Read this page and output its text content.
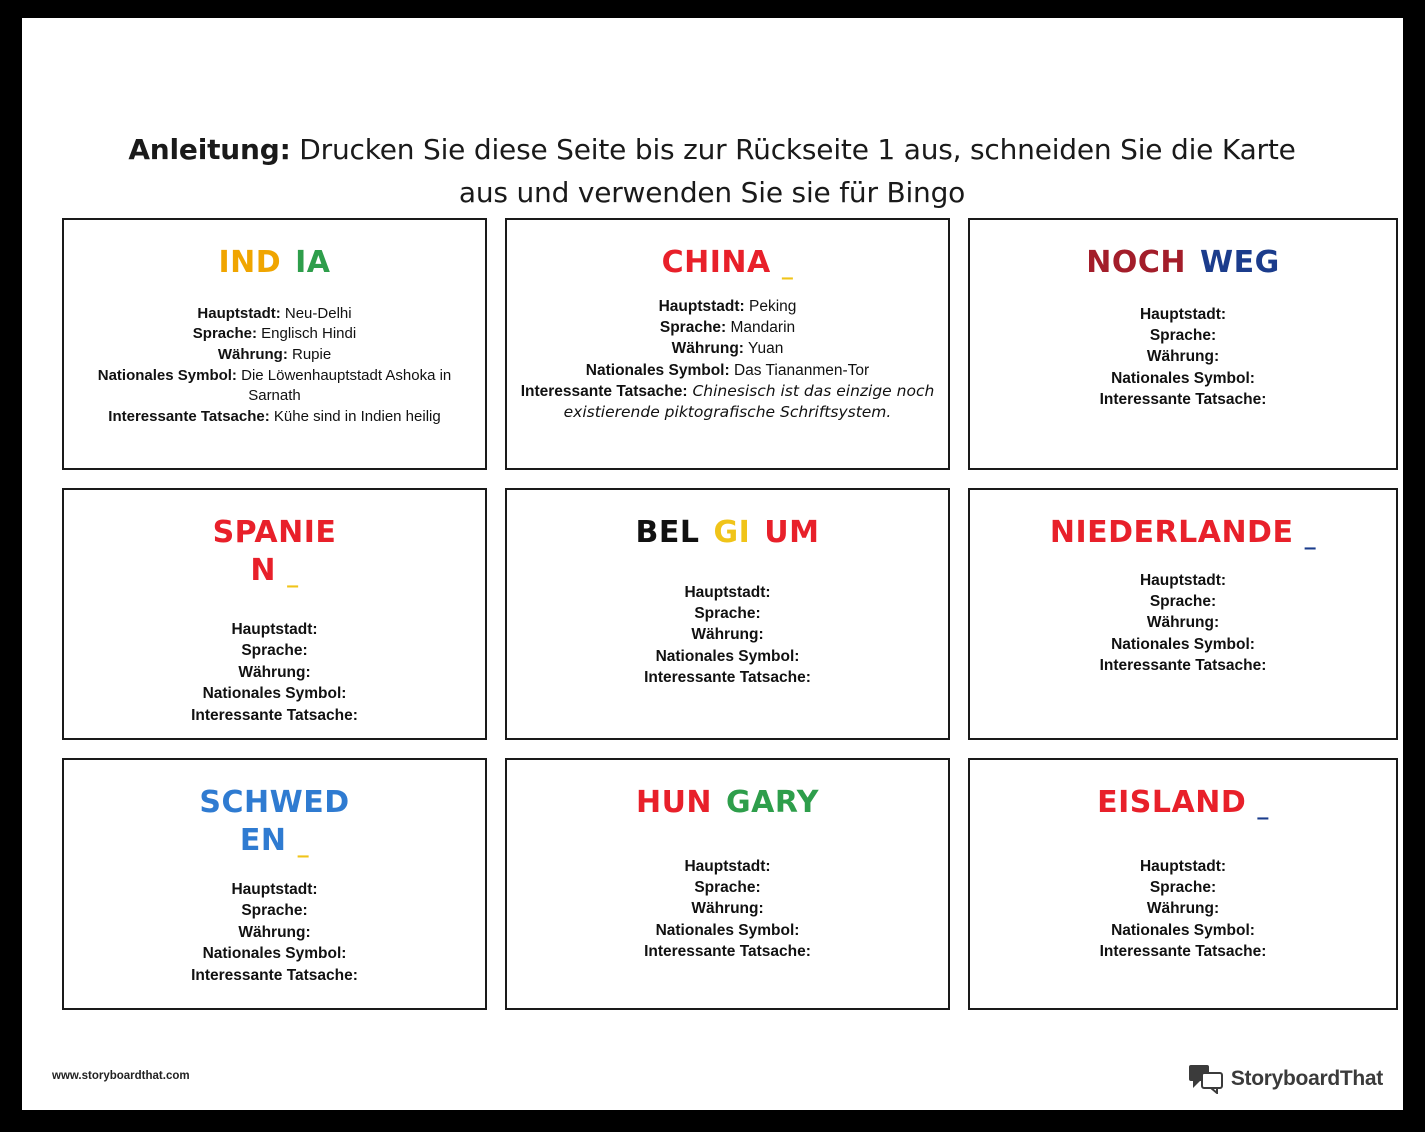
Anleitung: Drucken Sie diese Seite bis zur Rückseite 1 aus, schneiden Sie die Karte aus und verwenden Sie sie für Bingo
IND IA

Hauptstadt: Neu-Delhi

Sprache: Englisch Hindi

Währung: Rupie

Nationales Symbol: Die Löwenhauptstadt Ashoka in Sarnath

Interessante Tatsache: Kühe sind in Indien heilig

CHINA _

Hauptstadt: Peking

Sprache: Mandarin

Währung: Yuan

Nationales Symbol: Das Tiananmen-Tor

Interessante Tatsache: Chinesisch ist das einzige noch existierende piktografische Schriftsystem.

NOCH WEG

Hauptstadt:

Sprache:

Währung:

Nationales Symbol:

Interessante Tatsache:

SPANIE
N _

Hauptstadt:

Sprache:

Währung:

Nationales Symbol:

Interessante Tatsache:

BEL GI UM

Hauptstadt:

Sprache:

Währung:

Nationales Symbol:

Interessante Tatsache:

NIEDERLANDE _

Hauptstadt:

Sprache:

Währung:

Nationales Symbol:

Interessante Tatsache:

SCHWED
EN _

Hauptstadt:

Sprache:

Währung:

Nationales Symbol:

Interessante Tatsache:

HUN GARY

Hauptstadt:

Sprache:

Währung:

Nationales Symbol:

Interessante Tatsache:

EISLAND _

Hauptstadt:

Sprache:

Währung:

Nationales Symbol:

Interessante Tatsache:

www.storyboardthat.com	StoryboardThat
